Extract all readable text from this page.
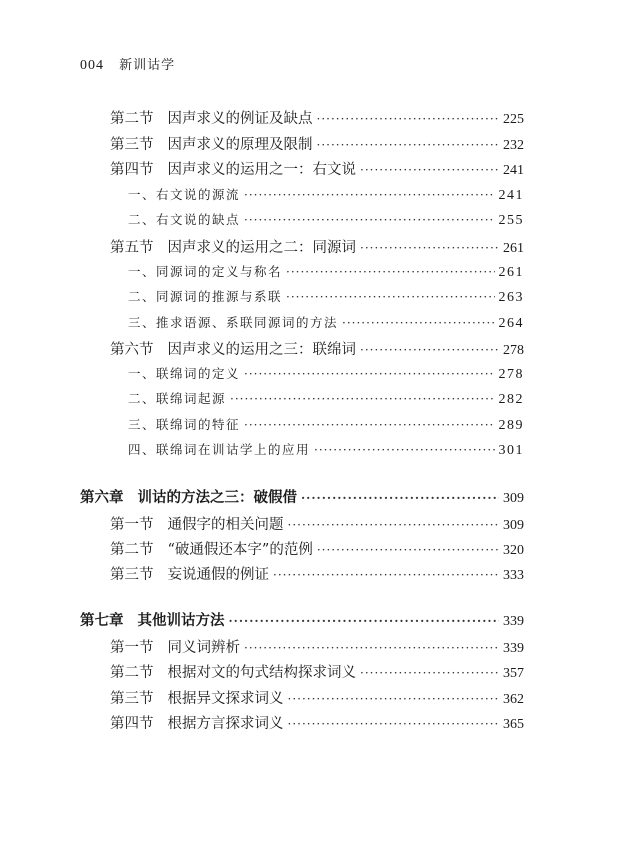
004 新训诂学
第二节 因声求义的例证及缺点 ·····	225
第三节 因声求义的原理及限制 ·····	232
第四节 因声求义的运用之一：右文说 ·····	241
一、右文说的源流 ·····	241
二、右文说的缺点 ·····	255
第五节 因声求义的运用之二：同源词 ·····	261
一、同源词的定义与称名 ·····	261
二、同源词的推源与系联 ·····	263
三、推求语源、系联同源词的方法 ·····	264
第六节 因声求义的运用之三：联绵词 ·····	278
一、联绵词的定义 ·····	278
二、联绵词起源 ·····	282
三、联绵词的特征 ·····	289
四、联绵词在训诂学上的应用 ·····	301
第六章 训诂的方法之三：破假借 ·····	309
第一节 通假字的相关问题 ·····	309
第二节 “破通假还本字”的范例 ·····	320
第三节 妄说通假的例证 ·····	333
第七章 其他训诂方法 ·····	339
第一节 同义词辨析 ·····	339
第二节 根据对文的句式结构探求词义 ·····	357
第三节 根据异文探求词义 ·····	362
第四节 根据方言探求词义 ·····	365
